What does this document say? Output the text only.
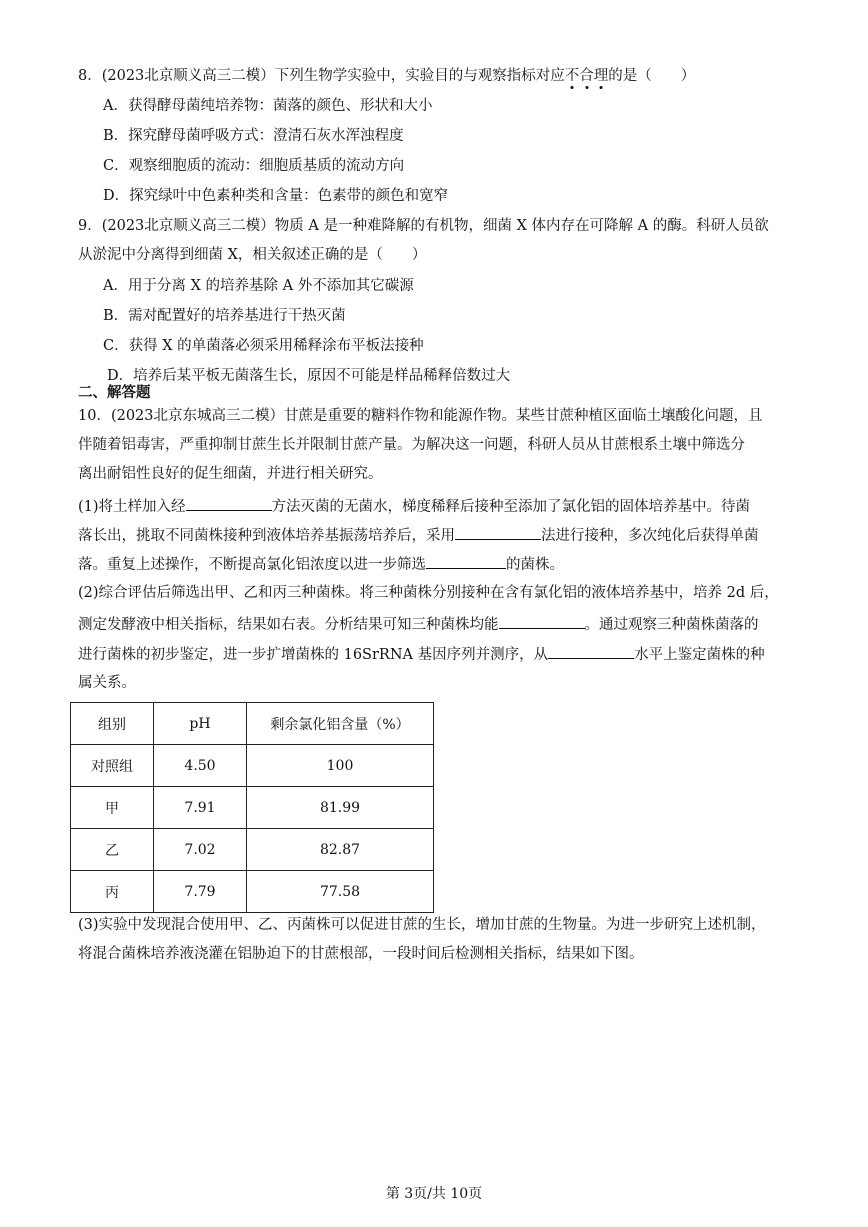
8．(2023北京顺义高三二模）下列生物学实验中，实验目的与观察指标对应不合理的是（　　）
A．获得酵母菌纯培养物：菌落的颜色、形状和大小
B．探究酵母菌呼吸方式：澄清石灰水浑浊程度
C．观察细胞质的流动：细胞质基质的流动方向
D．探究绿叶中色素种类和含量：色素带的颜色和宽窄
9．(2023北京顺义高三二模）物质 A 是一种难降解的有机物，细菌 X 体内存在可降解 A 的酶。科研人员欲
从淤泥中分离得到细菌 X，相关叙述正确的是（　　）
A．用于分离 X 的培养基除 A 外不添加其它碳源
B．需对配置好的培养基进行干热灭菌
C．获得 X 的单菌落必须采用稀释涂布平板法接种
D．培养后某平板无菌落生长，原因不可能是样品稀释倍数过大
二、解答题
10．(2023北京东城高三二模）甘蔗是重要的糖料作物和能源作物。某些甘蔗种植区面临土壤酸化问题，且
伴随着铝毒害，严重抑制甘蔗生长并限制甘蔗产量。为解决这一问题，科研人员从甘蔗根系土壤中筛选分
离出耐铝性良好的促生细菌，并进行相关研究。
(1)将土样加入经	方法灭菌的无菌水，梯度稀释后接种至添加了氯化铝的固体培养基中。待菌
落长出，挑取不同菌株接种到液体培养基振荡培养后，采用	法进行接种，多次纯化后获得单菌
落。重复上述操作，不断提高氯化铝浓度以进一步筛选	的菌株。
(2)综合评估后筛选出甲、乙和丙三种菌株。将三种菌株分别接种在含有氯化铝的液体培养基中，培养 2d 后，
测定发酵液中相关指标，结果如右表。分析结果可知三种菌株均能	。通过观察三种菌株菌落的
进行菌株的初步鉴定，进一步扩增菌株的 16SrRNA 基因序列并测序，从	水平上鉴定菌株的种
属关系。
组别	pH	剩余氯化铝含量（%）
对照组	4.50	100
甲	7.91	81.99
乙	7.02	82.87
丙	7.79	77.58
(3)实验中发现混合使用甲、乙、丙菌株可以促进甘蔗的生长，增加甘蔗的生物量。为进一步研究上述机制，
将混合菌株培养液浇灌在铝胁迫下的甘蔗根部，一段时间后检测相关指标，结果如下图。
第 3页/共 10页
